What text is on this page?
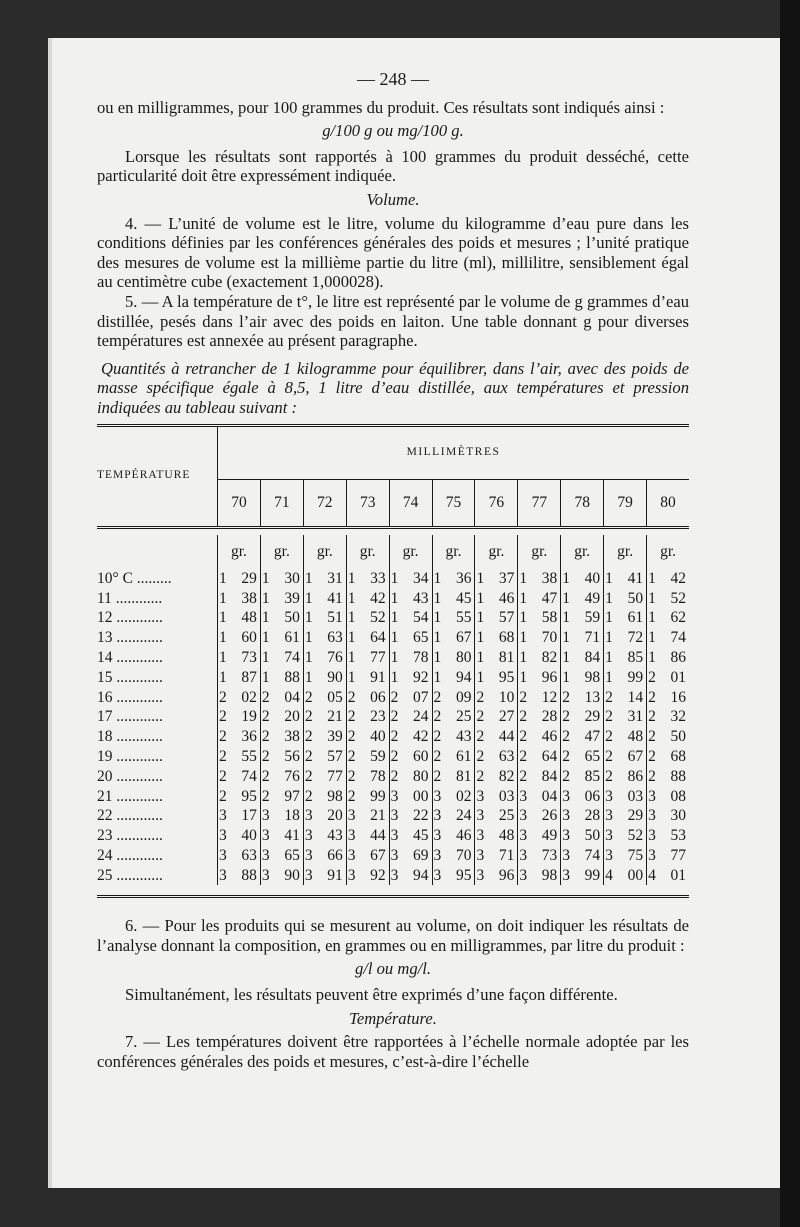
— 248 —

ou en milligrammes, pour 100 grammes du produit. Ces résultats sont indiqués ainsi :

g/100 g ou mg/100 g.

Lorsque les résultats sont rapportés à 100 grammes du produit desséché, cette particularité doit être expressément indiquée.

Volume.

4. — L’unité de volume est le litre, volume du kilogramme d’eau pure dans les conditions définies par les conférences générales des poids et mesures ; l’unité pratique des mesures de volume est la millième partie du litre (ml), millilitre, sensiblement égal au centimètre cube (exactement 1,000028).

5. — A la température de t°, le litre est représenté par le volume de g grammes d’eau distillée, pesés dans l’air avec des poids en laiton. Une table donnant g pour diverses températures est annexée au présent paragraphe.

Quantités à retrancher de 1 kilogramme pour équilibrer, dans l’air, avec des poids de masse spécifique égale à 8,5, 1 litre d’eau distillée, aux températures et pression indiquées au tableau suivant :

TEMPÉRATURE	MILLIMÈTRES										
	70	71	72	73	74	75	76	77	78	79	80

	gr.	gr.	gr.	gr.	gr.	gr.	gr.	gr.	gr.	gr.	gr.
10° C .........	1 29	1 30	1 31	1 33	1 34	1 36	1 37	1 38	1 40	1 41	1 42

11 ............	1 38	1 39	1 41	1 42	1 43	1 45	1 46	1 47	1 49	1 50	1 52

12 ............	1 48	1 50	1 51	1 52	1 54	1 55	1 57	1 58	1 59	1 61	1 62

13 ............	1 60	1 61	1 63	1 64	1 65	1 67	1 68	1 70	1 71	1 72	1 74

14 ............	1 73	1 74	1 76	1 77	1 78	1 80	1 81	1 82	1 84	1 85	1 86

15 ............	1 87	1 88	1 90	1 91	1 92	1 94	1 95	1 96	1 98	1 99	2 01

16 ............	2 02	2 04	2 05	2 06	2 07	2 09	2 10	2 12	2 13	2 14	2 16

17 ............	2 19	2 20	2 21	2 23	2 24	2 25	2 27	2 28	2 29	2 31	2 32

18 ............	2 36	2 38	2 39	2 40	2 42	2 43	2 44	2 46	2 47	2 48	2 50

19 ............	2 55	2 56	2 57	2 59	2 60	2 61	2 63	2 64	2 65	2 67	2 68

20 ............	2 74	2 76	2 77	2 78	2 80	2 81	2 82	2 84	2 85	2 86	2 88

21 ............	2 95	2 97	2 98	2 99	3 00	3 02	3 03	3 04	3 06	3 03	3 08

22 ............	3 17	3 18	3 20	3 21	3 22	3 24	3 25	3 26	3 28	3 29	3 30

23 ............	3 40	3 41	3 43	3 44	3 45	3 46	3 48	3 49	3 50	3 52	3 53

24 ............	3 63	3 65	3 66	3 67	3 69	3 70	3 71	3 73	3 74	3 75	3 77

25 ............	3 88	3 90	3 91	3 92	3 94	3 95	3 96	3 98	3 99	4 00	4 01

6. — Pour les produits qui se mesurent au volume, on doit indiquer les résultats de l’analyse donnant la composition, en grammes ou en milligrammes, par litre du produit :

g/l ou mg/l.

Simultanément, les résultats peuvent être exprimés d’une façon différente.

Température.

7. — Les températures doivent être rapportées à l’échelle normale adoptée par les conférences générales des poids et mesures, c’est-à-dire l’échelle
